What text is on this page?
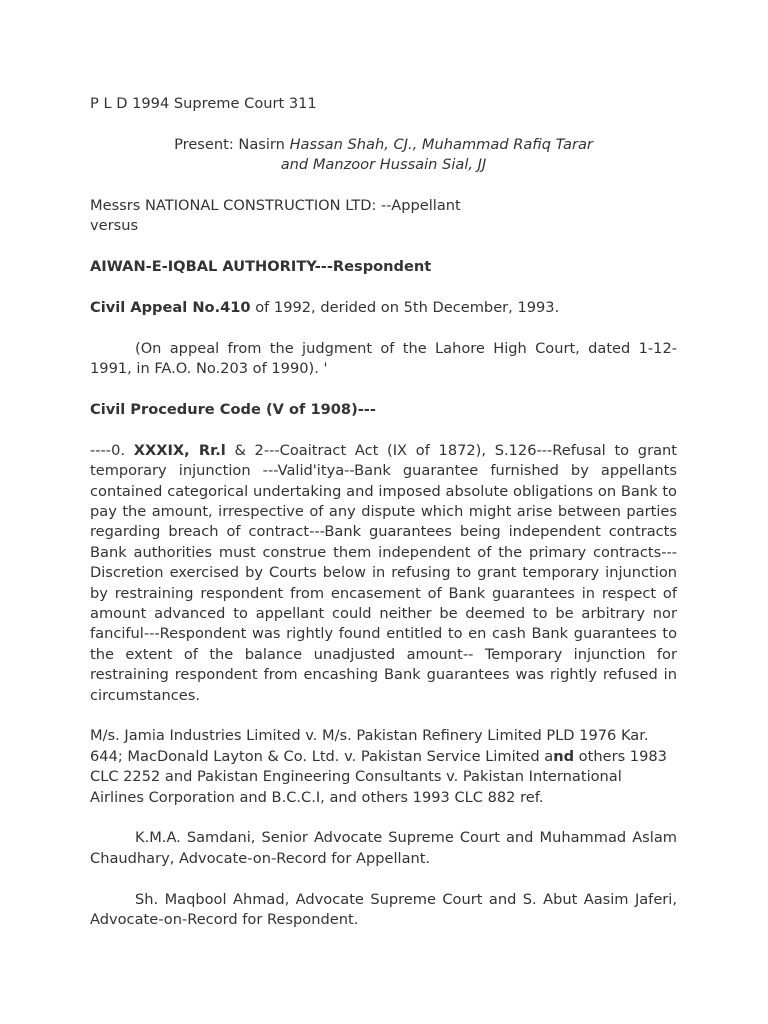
P L D 1994 Supreme Court 311

Present: Nasirn Hassan Shah, CJ., Muhammad Rafiq Tarar
and Manzoor Hussain Sial, JJ

Messrs NATIONAL CONSTRUCTION LTD: --Appellant
versus

AIWAN-E-IQBAL AUTHORITY---Respondent

Civil Appeal No.410 of 1992, derided on 5th December, 1993.

(On appeal from the judgment of the Lahore High Court, dated 1-12-1991, in FA.O. No.203 of 1990). '

Civil Procedure Code (V of 1908)---

----0. XXXIX, Rr.l & 2---Coaitract Act (IX of 1872), S.126---Refusal to grant temporary injunction ---Valid'itya--Bank guarantee furnished by appellants contained categorical undertaking and imposed absolute obligations on Bank to pay the amount, irrespective of any dispute which might arise between parties regarding breach of contract---Bank guarantees being independent contracts Bank authorities must construe them independent of the primary contracts---Discretion exercised by Courts below in refusing to grant temporary injunction by restraining respondent from encasement of Bank guarantees in respect of amount advanced to appellant could neither be deemed to be arbitrary nor fanciful---Respondent was rightly found entitled to en cash Bank guarantees to the extent of the balance unadjusted amount-- Temporary injunction for restraining respondent from encashing Bank guarantees was rightly refused in circumstances.

M/s. Jamia Industries Limited v. M/s. Pakistan Refinery Limited PLD 1976 Kar. 644; MacDonald Layton & Co. Ltd. v. Pakistan Service Limited and others 1983 CLC 2252 and Pakistan Engineering Consultants v. Pakistan International Airlines Corporation and B.C.C.I, and others 1993 CLC 882 ref.

K.M.A. Samdani, Senior Advocate Supreme Court and Muhammad Aslam Chaudhary, Advocate-on-Record for Appellant.

Sh. Maqbool Ahmad, Advocate Supreme Court and S. Abut Aasim Jaferi, Advocate-on-Record for Respondent.
